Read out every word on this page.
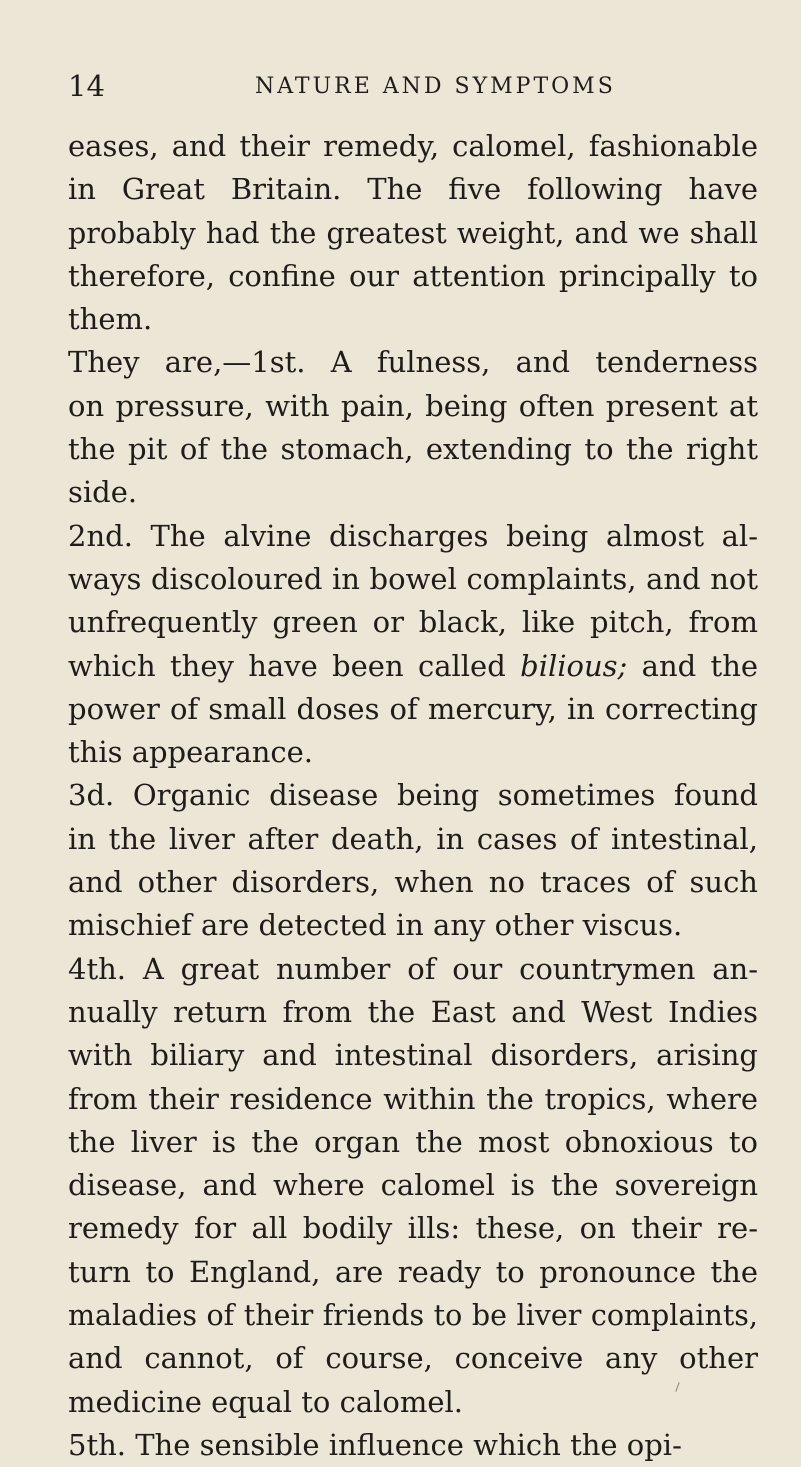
14	NATURE AND SYMPTOMS
eases, and their remedy, calomel, fashionable
in Great Britain. The five following have
probably had the greatest weight, and we shall
therefore, confine our attention principally to
them.
They are,—1st. A fulness, and tenderness
on pressure, with pain, being often present at
the pit of the stomach, extending to the right
side.
2nd. The alvine discharges being almost al-
ways discoloured in bowel complaints, and not
unfrequently green or black, like pitch, from
which they have been called bilious; and the
power of small doses of mercury, in correcting
this appearance.
3d. Organic disease being sometimes found
in the liver after death, in cases of intestinal,
and other disorders, when no traces of such
mischief are detected in any other viscus.
4th. A great number of our countrymen an-
nually return from the East and West Indies
with biliary and intestinal disorders, arising
from their residence within the tropics, where
the liver is the organ the most obnoxious to
disease, and where calomel is the sovereign
remedy for all bodily ills: these, on their re-
turn to England, are ready to pronounce the
maladies of their friends to be liver complaints,
and cannot, of course, conceive any other
medicine equal to calomel.
5th. The sensible influence which the opi-
